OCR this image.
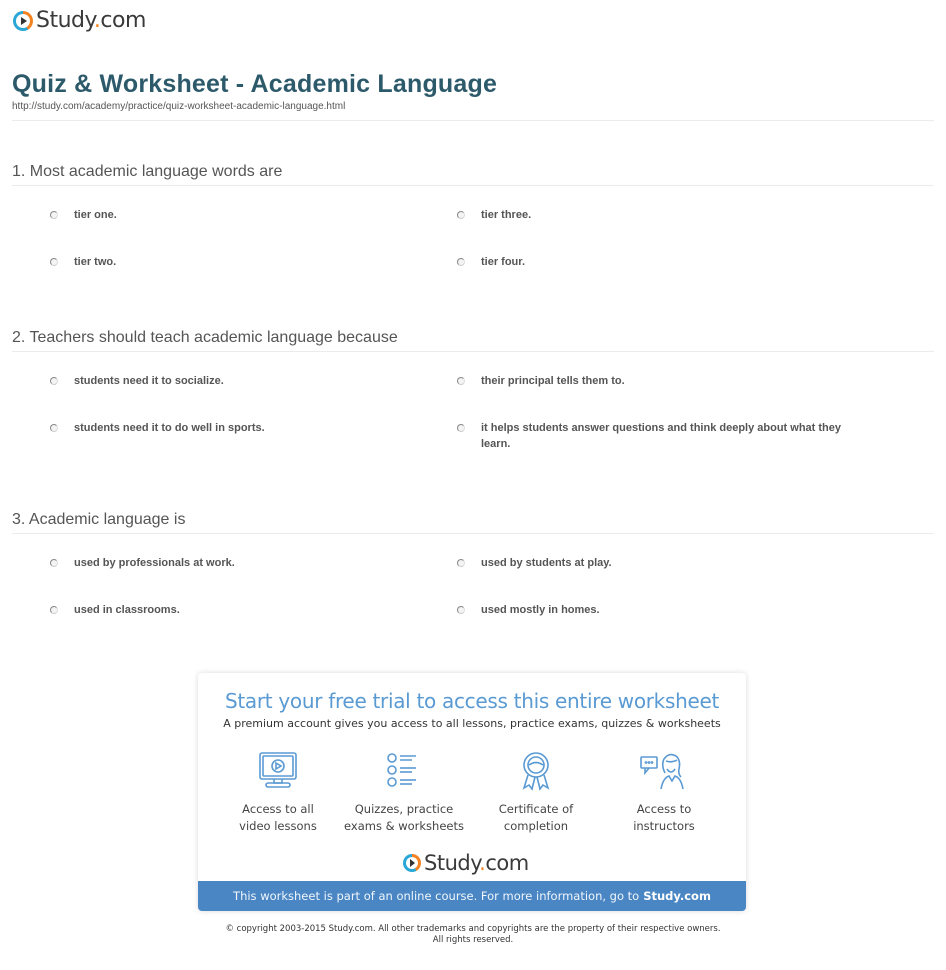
Study.com
Quiz & Worksheet - Academic Language
http://study.com/academy/practice/quiz-worksheet-academic-language.html
1. Most academic language words are
tier one.	tier three.
tier two.	tier four.
2. Teachers should teach academic language because
students need it to socialize.	their principal tells them to.
students need it to do well in sports.	it helps students answer questions and think deeply about what they learn.
3. Academic language is
used by professionals at work.	used by students at play.
used in classrooms.	used mostly in homes.
Start your free trial to access this entire worksheet
A premium account gives you access to all lessons, practice exams, quizzes & worksheets
Access to all
video lessons
Quizzes, practice
exams & worksheets
Certificate of
completion
Access to
instructors
Study.com
This worksheet is part of an online course. For more information, go to Study.com
© copyright 2003-2015 Study.com. All other trademarks and copyrights are the property of their respective owners.
All rights reserved.
